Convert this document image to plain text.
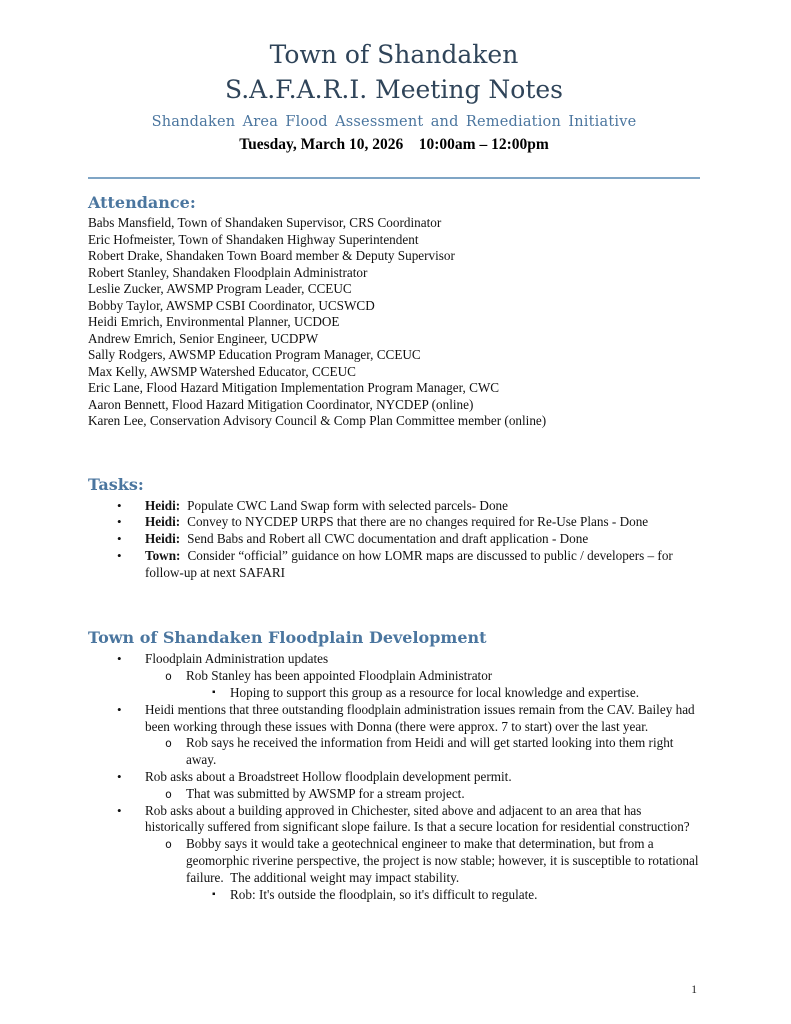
Town of Shandaken
S.A.F.A.R.I. Meeting Notes
Shandaken Area Flood Assessment and Remediation Initiative
Tuesday, March 10, 2026    10:00am – 12:00pm
Attendance:
Babs Mansfield, Town of Shandaken Supervisor, CRS Coordinator
Eric Hofmeister, Town of Shandaken Highway Superintendent
Robert Drake, Shandaken Town Board member & Deputy Supervisor
Robert Stanley, Shandaken Floodplain Administrator
Leslie Zucker, AWSMP Program Leader, CCEUC
Bobby Taylor, AWSMP CSBI Coordinator, UCSWCD
Heidi Emrich, Environmental Planner, UCDOE
Andrew Emrich, Senior Engineer, UCDPW
Sally Rodgers, AWSMP Education Program Manager, CCEUC
Max Kelly, AWSMP Watershed Educator, CCEUC
Eric Lane, Flood Hazard Mitigation Implementation Program Manager, CWC
Aaron Bennett, Flood Hazard Mitigation Coordinator, NYCDEP (online)
Karen Lee, Conservation Advisory Council & Comp Plan Committee member (online)
Tasks:
•	Heidi: Populate CWC Land Swap form with selected parcels- Done
•	Heidi: Convey to NYCDEP URPS that there are no changes required for Re-Use Plans - Done
•	Heidi: Send Babs and Robert all CWC documentation and draft application - Done
•	Town: Consider “official” guidance on how LOMR maps are discussed to public / developers – for follow-up at next SAFARI
Town of Shandaken Floodplain Development
•	Floodplain Administration updates
o	Rob Stanley has been appointed Floodplain Administrator
▪	Hoping to support this group as a resource for local knowledge and expertise.
•	Heidi mentions that three outstanding floodplain administration issues remain from the CAV. Bailey had been working through these issues with Donna (there were approx. 7 to start) over the last year.
o	Rob says he received the information from Heidi and will get started looking into them right away.
•	Rob asks about a Broadstreet Hollow floodplain development permit.
o	That was submitted by AWSMP for a stream project.
•	Rob asks about a building approved in Chichester, sited above and adjacent to an area that has historically suffered from significant slope failure. Is that a secure location for residential construction?
o	Bobby says it would take a geotechnical engineer to make that determination, but from a geomorphic riverine perspective, the project is now stable; however, it is susceptible to rotational failure.  The additional weight may impact stability.
▪	Rob: It's outside the floodplain, so it's difficult to regulate.
1
